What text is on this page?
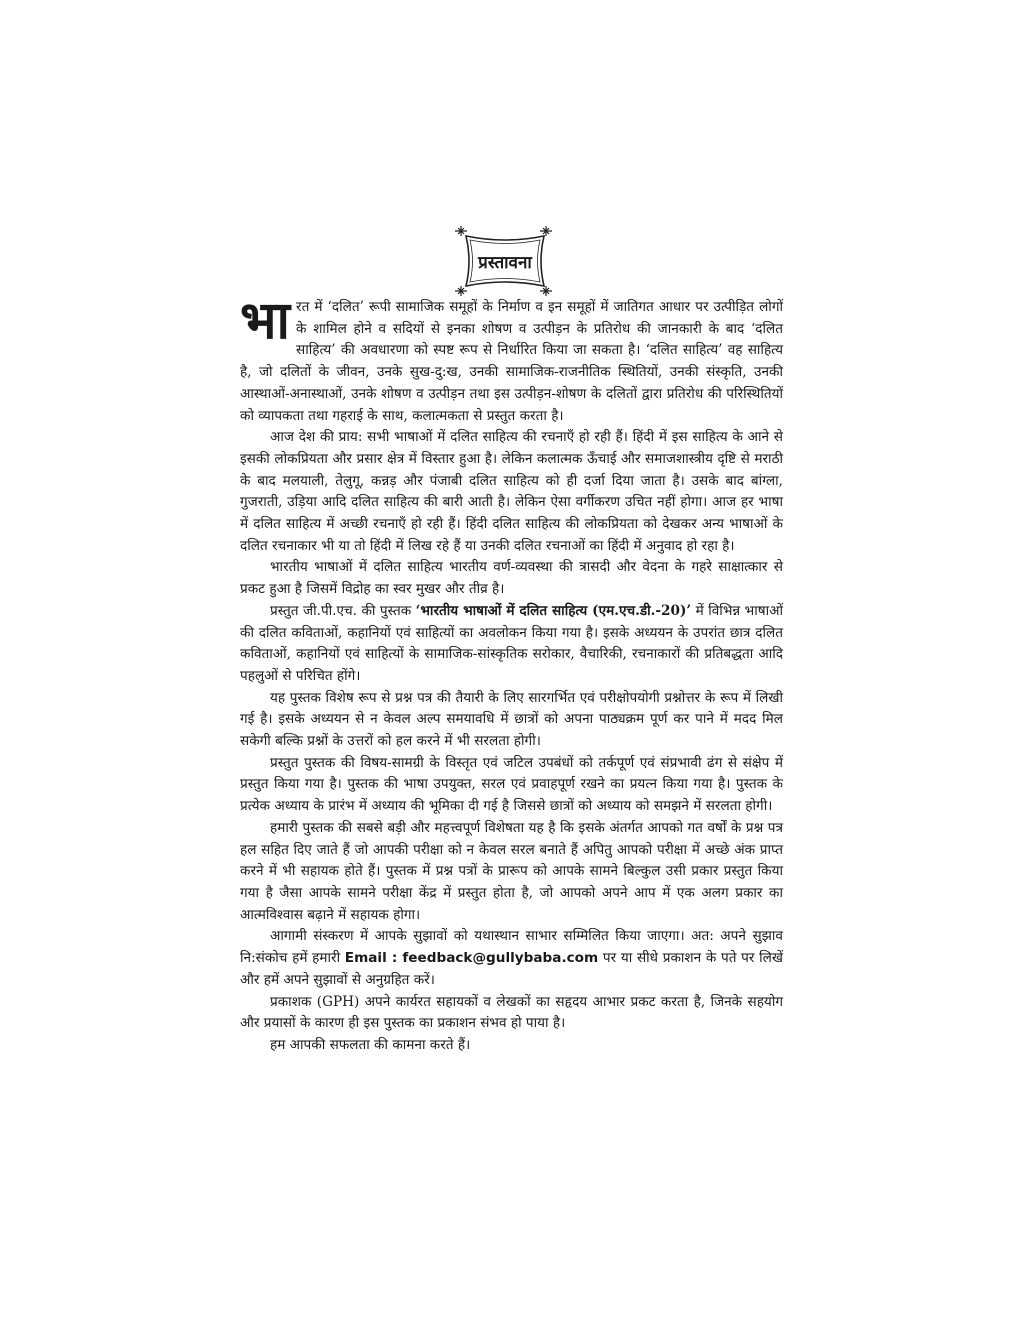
प्रस्तावना

भारत में ‘दलित’ रूपी सामाजिक समूहों के निर्माण व इन समूहों में जातिगत आधार पर उत्पीड़ित लोगों के शामिल होने व सदियों से इनका शोषण व उत्पीड़न के प्रतिरोध की जानकारी के बाद ‘दलित साहित्य’ की अवधारणा को स्पष्ट रूप से निर्धारित किया जा सकता है। ‘दलित साहित्य’ वह साहित्य है, जो दलितों के जीवन, उनके सुख-दु:ख, उनकी सामाजिक-राजनीतिक स्थितियों, उनकी संस्कृति, उनकी आस्थाओं-अनास्थाओं, उनके शोषण व उत्पीड़न तथा इस उत्पीड़न-शोषण के दलितों द्वारा प्रतिरोध की परिस्थितियों को व्यापकता तथा गहराई के साथ, कलात्मकता से प्रस्तुत करता है।

आज देश की प्राय: सभी भाषाओं में दलित साहित्य की रचनाएँ हो रही हैं। हिंदी में इस साहित्य के आने से इसकी लोकप्रियता और प्रसार क्षेत्र में विस्तार हुआ है। लेकिन कलात्मक ऊँचाई और समाजशास्त्रीय दृष्टि से मराठी के बाद मलयाली, तेलुगू, कन्नड़ और पंजाबी दलित साहित्य को ही दर्जा दिया जाता है। उसके बाद बांग्ला, गुजराती, उड़िया आदि दलित साहित्य की बारी आती है। लेकिन ऐसा वर्गीकरण उचित नहीं होगा। आज हर भाषा में दलित साहित्य में अच्छी रचनाएँ हो रही हैं। हिंदी दलित साहित्य की लोकप्रियता को देखकर अन्य भाषाओं के दलित रचनाकार भी या तो हिंदी में लिख रहे हैं या उनकी दलित रचनाओं का हिंदी में अनुवाद हो रहा है।

भारतीय भाषाओं में दलित साहित्य भारतीय वर्ण-व्यवस्था की त्रासदी और वेदना के गहरे साक्षात्कार से प्रकट हुआ है जिसमें विद्रोह का स्वर मुखर और तीव्र है।

प्रस्तुत जी.पी.एच. की पुस्तक ‘भारतीय भाषाओं में दलित साहित्य (एम.एच.डी.-20)’ में विभिन्न भाषाओं की दलित कविताओं, कहानियों एवं साहित्यों का अवलोकन किया गया है। इसके अध्ययन के उपरांत छात्र दलित कविताओं, कहानियों एवं साहित्यों के सामाजिक-सांस्कृतिक सरोकार, वैचारिकी, रचनाकारों की प्रतिबद्धता आदि पहलुओं से परिचित होंगे।

यह पुस्तक विशेष रूप से प्रश्न पत्र की तैयारी के लिए सारगर्भित एवं परीक्षोपयोगी प्रश्नोत्तर के रूप में लिखी गई है। इसके अध्ययन से न केवल अल्प समयावधि में छात्रों को अपना पाठ्यक्रम पूर्ण कर पाने में मदद मिल सकेगी बल्कि प्रश्नों के उत्तरों को हल करने में भी सरलता होगी।

प्रस्तुत पुस्तक की विषय-सामग्री के विस्तृत एवं जटिल उपबंधों को तर्कपूर्ण एवं संप्रभावी ढंग से संक्षेप में प्रस्तुत किया गया है। पुस्तक की भाषा उपयुक्त, सरल एवं प्रवाहपूर्ण रखने का प्रयत्न किया गया है। पुस्तक के प्रत्येक अध्याय के प्रारंभ में अध्याय की भूमिका दी गई है जिससे छात्रों को अध्याय को समझने में सरलता होगी।

हमारी पुस्तक की सबसे बड़ी और महत्त्वपूर्ण विशेषता यह है कि इसके अंतर्गत आपको गत वर्षों के प्रश्न पत्र हल सहित दिए जाते हैं जो आपकी परीक्षा को न केवल सरल बनाते हैं अपितु आपको परीक्षा में अच्छे अंक प्राप्त करने में भी सहायक होते हैं। पुस्तक में प्रश्न पत्रों के प्रारूप को आपके सामने बिल्कुल उसी प्रकार प्रस्तुत किया गया है जैसा आपके सामने परीक्षा केंद्र में प्रस्तुत होता है, जो आपको अपने आप में एक अलग प्रकार का आत्मविश्वास बढ़ाने में सहायक होगा।

आगामी संस्करण में आपके सुझावों को यथास्थान साभार सम्मिलित किया जाएगा। अत: अपने सुझाव नि:संकोच हमें हमारी Email : feedback@gullybaba.com पर या सीधे प्रकाशन के पते पर लिखें और हमें अपने सुझावों से अनुग्रहित करें।

प्रकाशक (GPH) अपने कार्यरत सहायकों व लेखकों का सहृदय आभार प्रकट करता है, जिनके सहयोग और प्रयासों के कारण ही इस पुस्तक का प्रकाशन संभव हो पाया है।

हम आपकी सफलता की कामना करते हैं।
